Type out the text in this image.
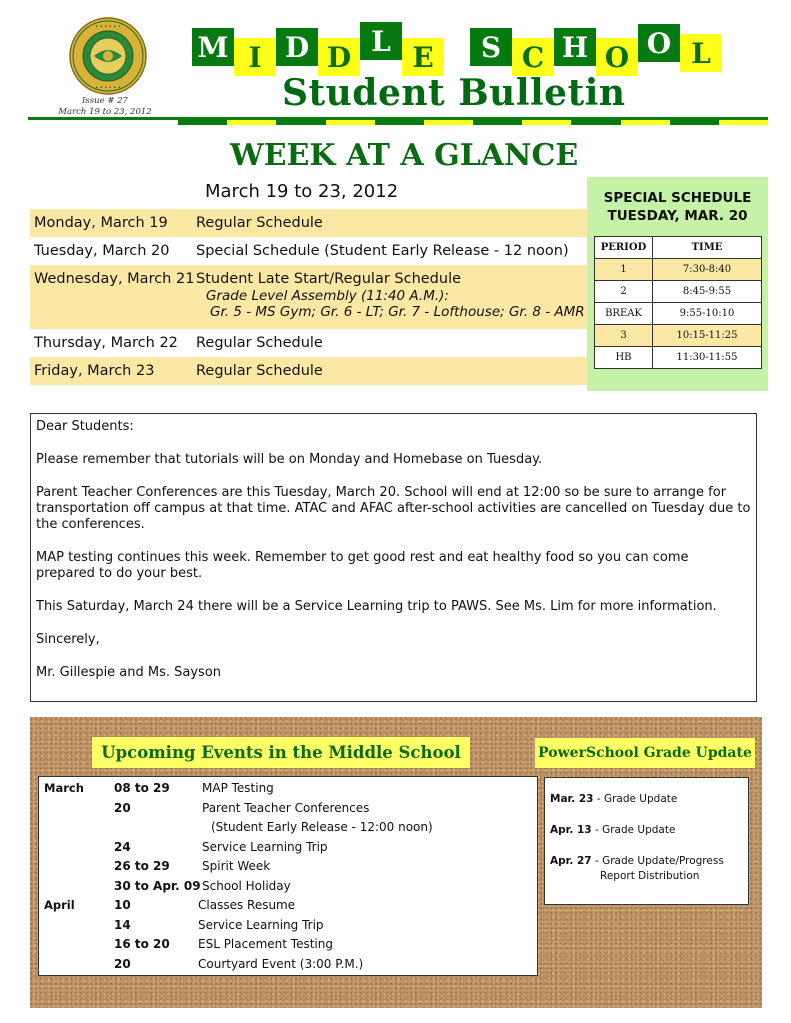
• • • • • •
• • • • • •
Issue # 27
March 19 to 23, 2012
M I D D L E	S C H O O L
Student Bulletin
WEEK AT A GLANCE
March 19 to 23, 2012
Monday, March 19	Regular Schedule
Tuesday, March 20	Special Schedule (Student Early Release - 12 noon)
Wednesday, March 21 Student Late Start/Regular Schedule
Grade Level Assembly (11:40 A.M.):
Gr. 5 - MS Gym; Gr. 6 - LT; Gr. 7 - Lofthouse; Gr. 8 - AMR
Thursday, March 22	Regular Schedule
Friday, March 23	Regular Schedule
SPECIAL SCHEDULE
TUESDAY, MAR. 20
PERIOD	TIME
1	7:30-8:40
2	8:45-9:55
BREAK	9:55-10:10
3	10:15-11:25
HB	11:30-11:55

Dear Students:

Please remember that tutorials will be on Monday and Homebase on Tuesday.

Parent Teacher Conferences are this Tuesday, March 20. School will end at 12:00 so be sure to arrange for transportation off campus at that time. ATAC and AFAC after-school activities are cancelled on Tuesday due to the conferences.

MAP testing continues this week. Remember to get good rest and eat healthy food so you can come prepared to do your best.

This Saturday, March 24 there will be a Service Learning trip to PAWS. See Ms. Lim for more information.

Sincerely,

Mr. Gillespie and Ms. Sayson

Upcoming Events in the Middle School	PowerSchool Grade Update
March	08 to 29	MAP Testing
20	Parent Teacher Conferences
(Student Early Release - 12:00 noon)
24	Service Learning Trip
26 to 29	Spirit Week
30 to Apr. 09 School Holiday
April	10	Classes Resume
14	Service Learning Trip
16 to 20 ESL Placement Testing
20	Courtyard Event (3:00 P.M.)
Mar. 23 - Grade Update
Apr. 13 - Grade Update
Apr. 27 - Grade Update/Progress
Report Distribution
